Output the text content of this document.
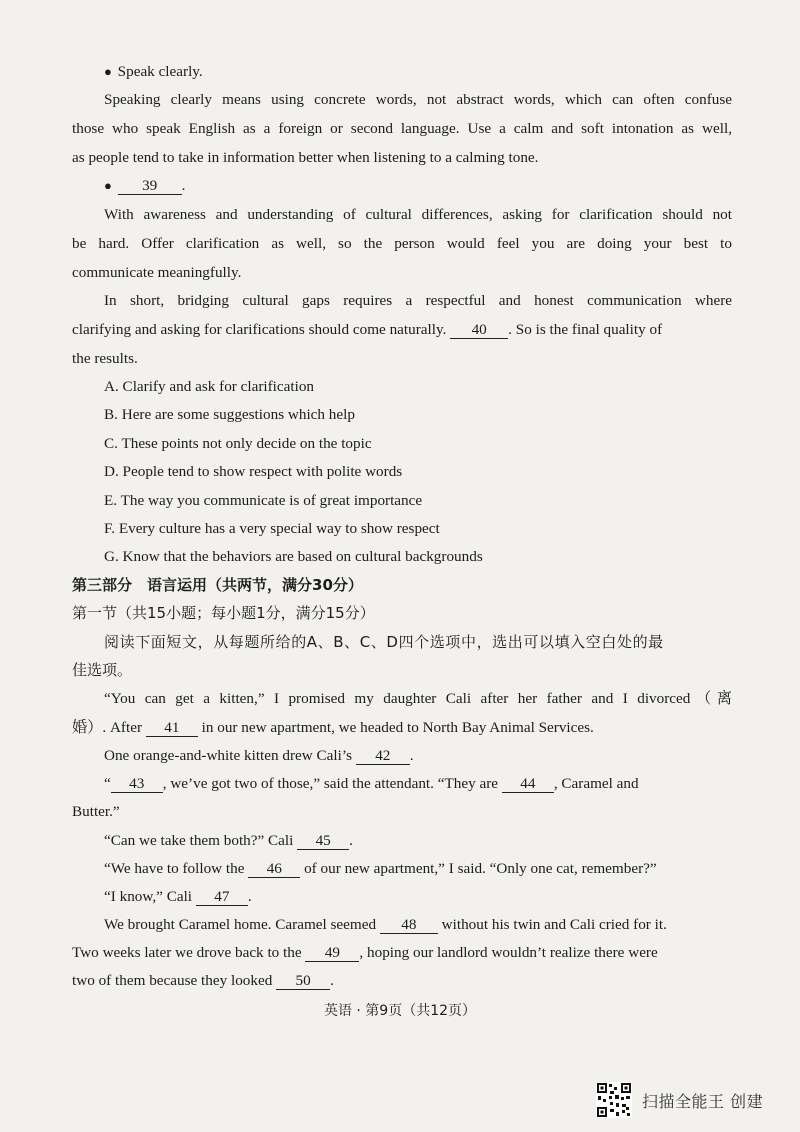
● Speak clearly.
Speaking clearly means using concrete words, not abstract words, which can often confuse
those who speak English as a foreign or second language. Use a calm and soft intonation as well,
as people tend to take in information better when listening to a calming tone.
● 39 .
With awareness and understanding of cultural differences, asking for clarification should not
be hard. Offer clarification as well, so the person would feel you are doing your best to
communicate meaningfully.
In short, bridging cultural gaps requires a respectful and honest communication where
clarifying and asking for clarifications should come naturally. 40 . So is the final quality of
the results.
A. Clarify and ask for clarification
B. Here are some suggestions which help
C. These points not only decide on the topic
D. People tend to show respect with polite words
E. The way you communicate is of great importance
F. Every culture has a very special way to show respect
G. Know that the behaviors are based on cultural backgrounds
第三部分　语言运用（共两节，满分30分）
第一节（共15小题；每小题1分，满分15分）
阅读下面短文，从每题所给的A、B、C、D四个选项中，选出可以填入空白处的最
佳选项。
“You can get a kitten,” I promised my daughter Cali after her father and I divorced（离
婚）. After 41 in our new apartment, we headed to North Bay Animal Services.
One orange-and-white kitten drew Cali’s 42 .
“ 43 , we’ve got two of those,” said the attendant. “They are 44 , Caramel and
Butter.”
“Can we take them both?” Cali 45 .
“We have to follow the 46 of our new apartment,” I said. “Only one cat, remember?”
“I know,” Cali 47 .
We brought Caramel home. Caramel seemed 48 without his twin and Cali cried for it.
Two weeks later we drove back to the 49 , hoping our landlord wouldn’t realize there were
two of them because they looked 50 .
英语 · 第9页（共12页）
扫描全能王 创建
